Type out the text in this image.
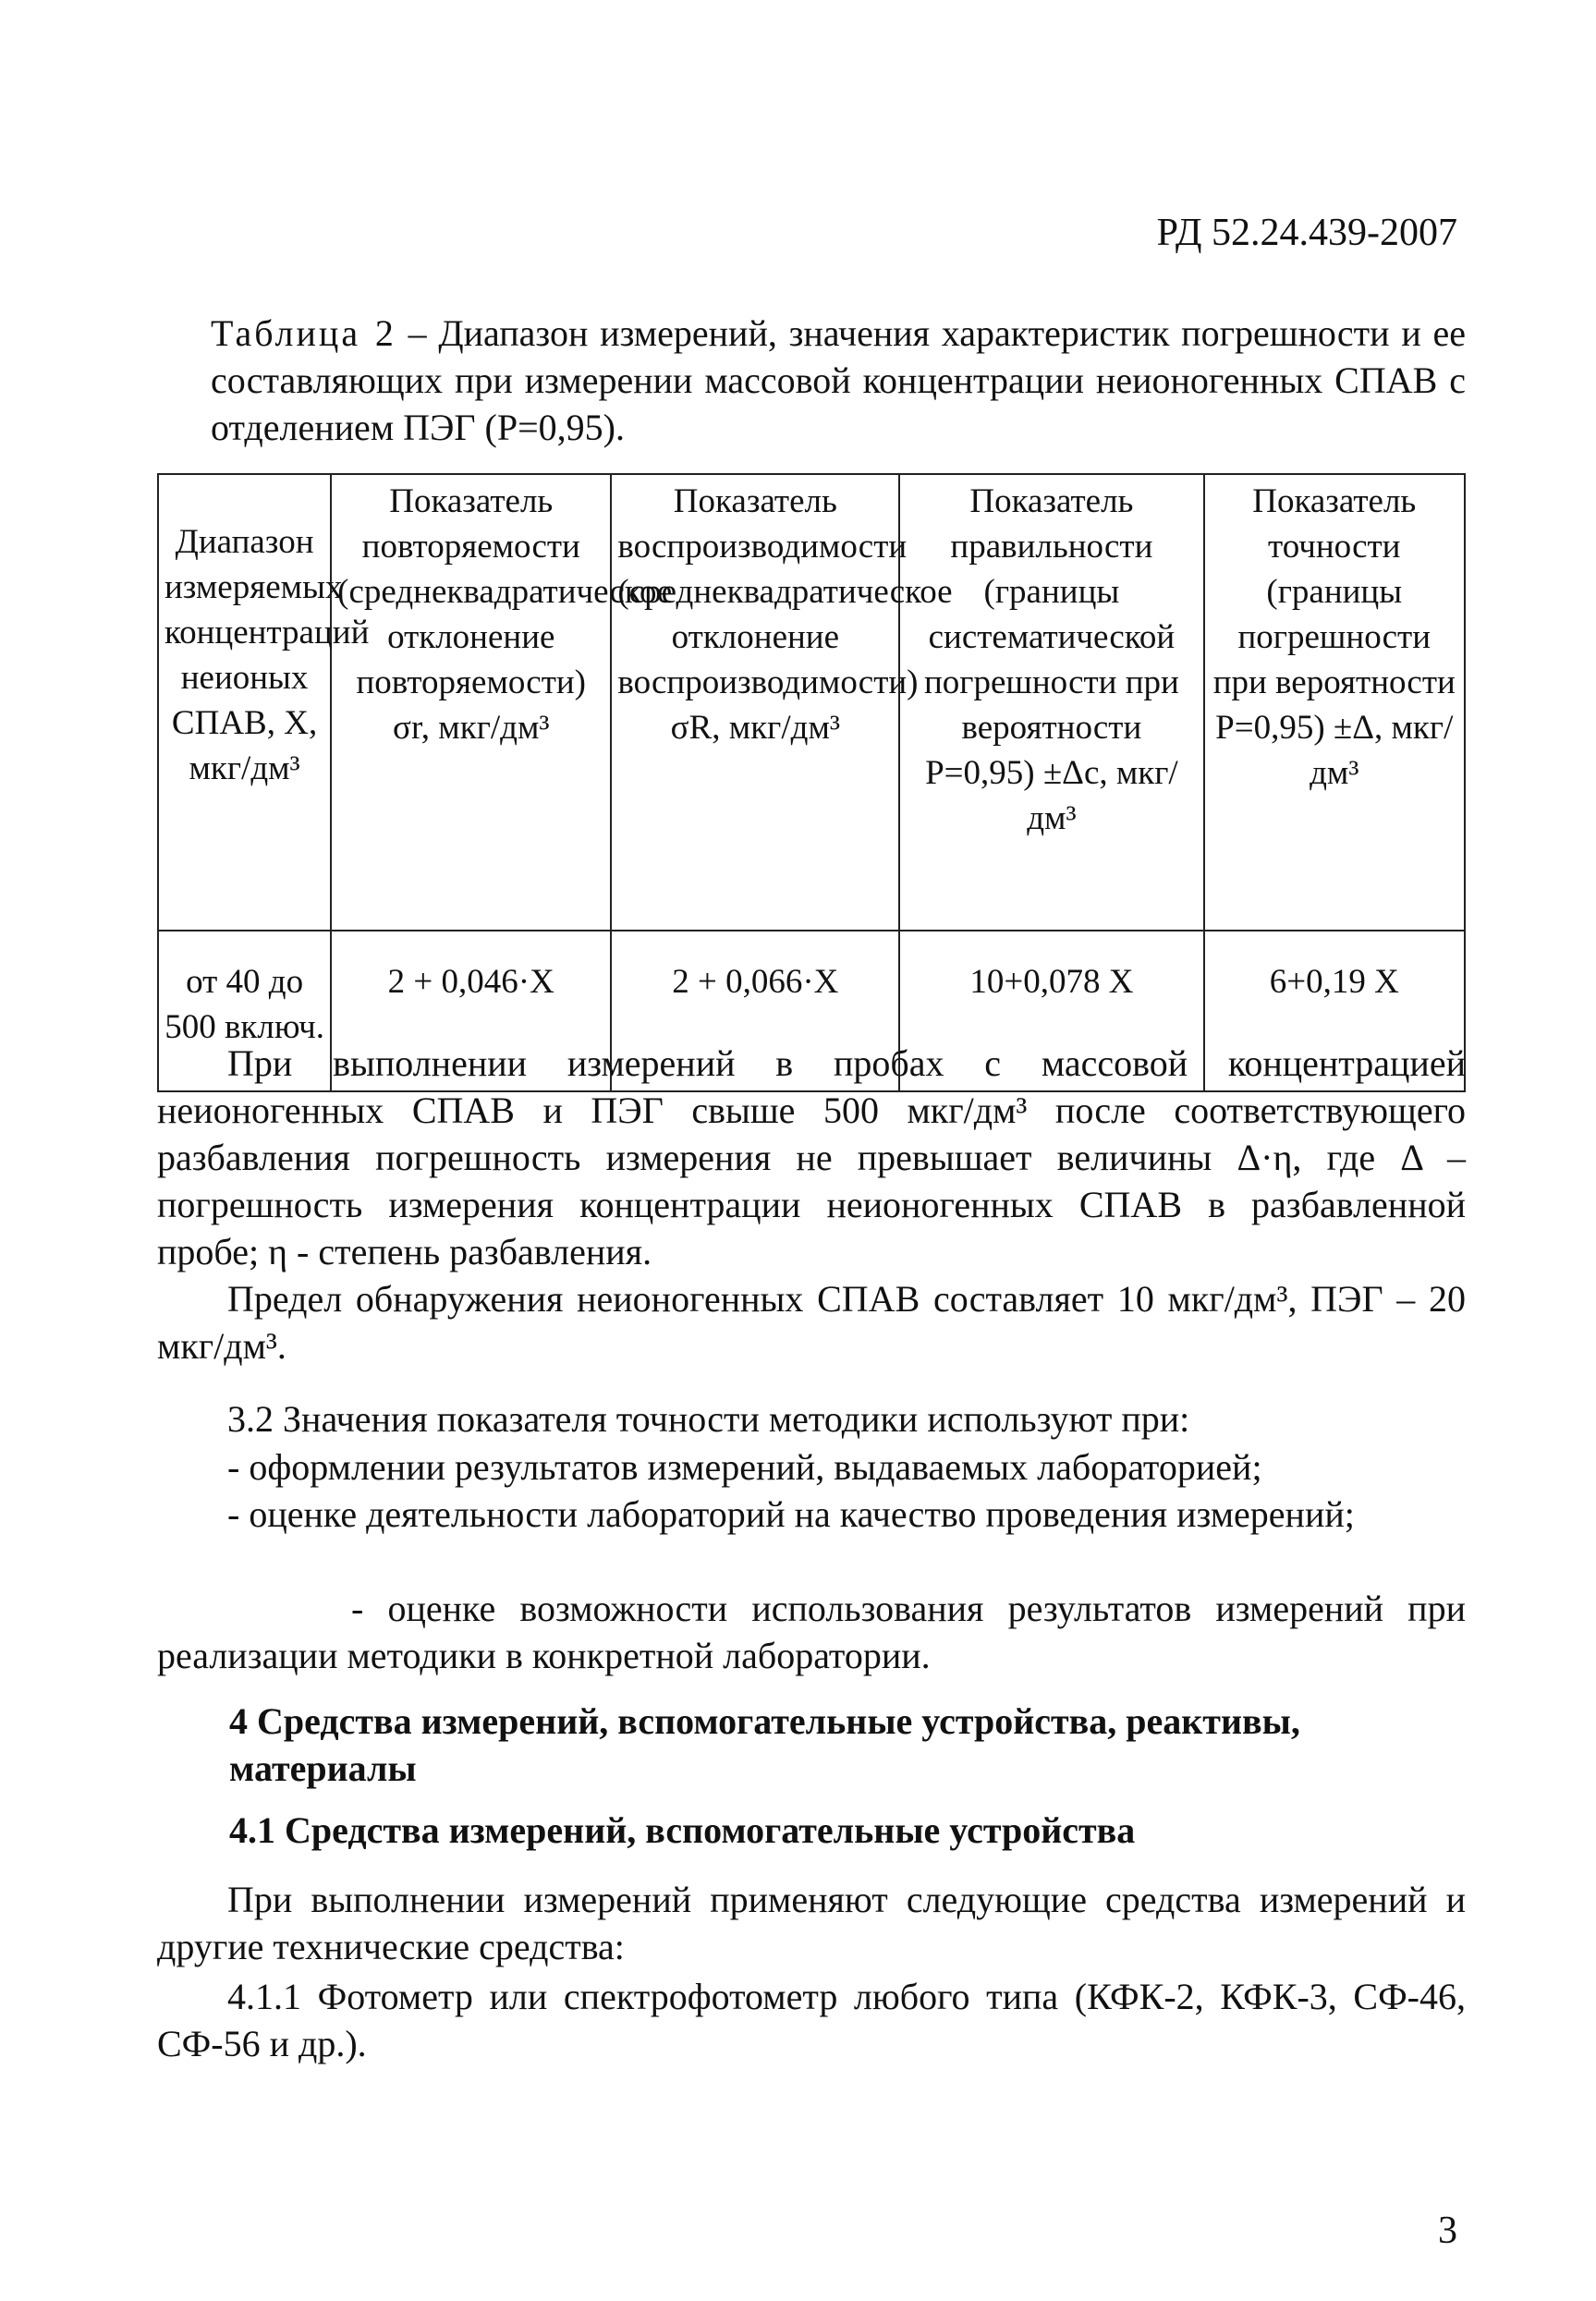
РД 52.24.439-2007
Таблица 2 – Диапазон измерений, значения характеристик погрешности и ее составляющих при измерении массовой концентрации неионогенных СПАВ с отделением ПЭГ (Р=0,95).
Диапазон измеряемых концентраций неионых СПАВ, X, мкг/дм³	Показатель повторяемости (среднеквадратическое отклонение повторяемости) σr, мкг/дм³	Показатель воспроизводимости (среднеквадратическое отклонение воспроизводимости) σR, мкг/дм³	Показатель правильности (границы систематической погрешности при вероятности Р=0,95) ±Δc, мкг/дм³	Показатель точности (границы погрешности при вероятности Р=0,95) ±Δ, мкг/дм³
от 40 до 500 включ.	2 + 0,046·X	2 + 0,066·X	10+0,078 X	6+0,19 X
При выполнении измерений в пробах с массовой концентрацией неионогенных СПАВ и ПЭГ свыше 500 мкг/дм³ после соответствующего разбавления погрешность измерения не превышает величины Δ·η, где Δ – погрешность измерения концентрации неионогенных СПАВ в разбавленной пробе; η - степень разбавления.
Предел обнаружения неионогенных СПАВ составляет 10 мкг/дм³, ПЭГ – 20 мкг/дм³.
3.2 Значения показателя точности методики используют при:
- оформлении результатов измерений, выдаваемых лабораторией;
- оценке деятельности лабораторий на качество проведения измерений;
- оценке возможности использования результатов измерений при реализации методики в конкретной лаборатории.
4 Средства измерений, вспомогательные устройства, реактивы, материалы
4.1 Средства измерений, вспомогательные устройства
При выполнении измерений применяют следующие средства измерений и другие технические средства:
4.1.1 Фотометр или спектрофотометр любого типа (КФК-2, КФК-3, СФ-46, СФ-56 и др.).
3
